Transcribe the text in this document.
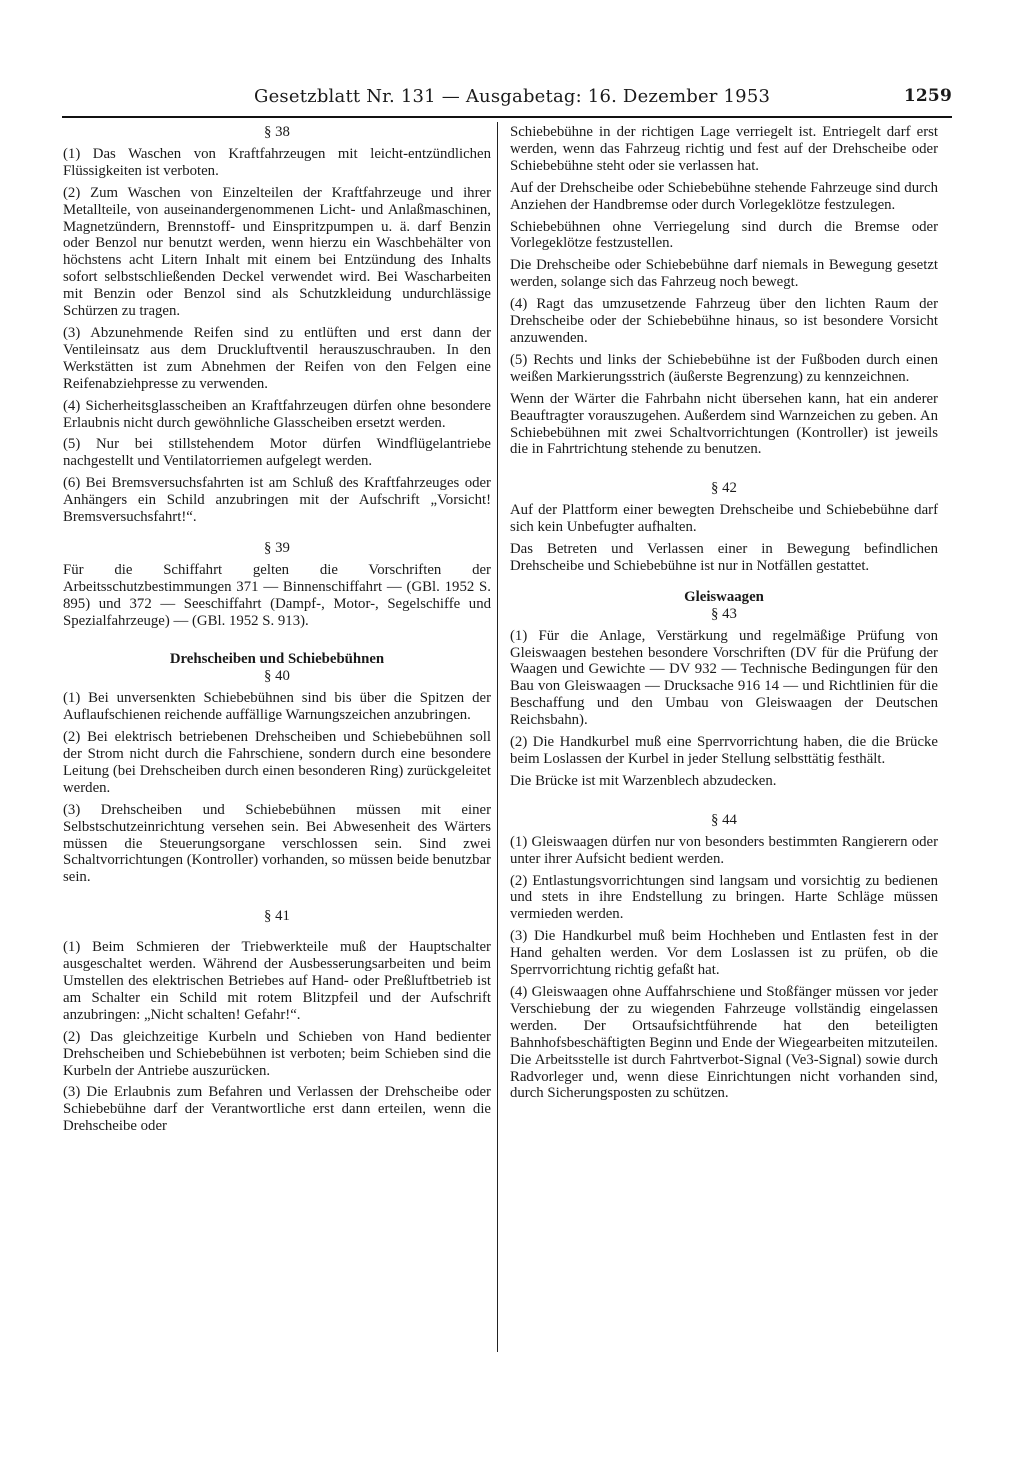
Gesetzblatt Nr. 131 — Ausgabetag: 16. Dezember 1953	1259

§ 38

(1) Das Waschen von Kraftfahrzeugen mit leicht-entzündlichen Flüssigkeiten ist verboten.

(2) Zum Waschen von Einzelteilen der Kraftfahrzeuge und ihrer Metallteile, von auseinandergenommenen Licht- und Anlaßmaschinen, Magnetzündern, Brennstoff- und Einspritzpumpen u. ä. darf Benzin oder Benzol nur benutzt werden, wenn hierzu ein Waschbehälter von höchstens acht Litern Inhalt mit einem bei Entzündung des Inhalts sofort selbstschließenden Deckel verwendet wird. Bei Wascharbeiten mit Benzin oder Benzol sind als Schutzkleidung undurchlässige Schürzen zu tragen.

(3) Abzunehmende Reifen sind zu entlüften und erst dann der Ventileinsatz aus dem Druckluftventil herauszuschrauben. In den Werkstätten ist zum Abnehmen der Reifen von den Felgen eine Reifenabziehpresse zu verwenden.

(4) Sicherheitsglasscheiben an Kraftfahrzeugen dürfen ohne besondere Erlaubnis nicht durch gewöhnliche Glasscheiben ersetzt werden.

(5) Nur bei stillstehendem Motor dürfen Windflügelantriebe nachgestellt und Ventilatorriemen aufgelegt werden.

(6) Bei Bremsversuchsfahrten ist am Schluß des Kraftfahrzeuges oder Anhängers ein Schild anzubringen mit der Aufschrift „Vorsicht! Bremsversuchsfahrt!“.

§ 39

Für die Schiffahrt gelten die Vorschriften der Arbeitsschutzbestimmungen 371 — Binnenschiffahrt — (GBl. 1952 S. 895) und 372 — Seeschiffahrt (Dampf-, Motor-, Segelschiffe und Spezialfahrzeuge) — (GBl. 1952 S. 913).

Drehscheiben und Schiebebühnen

§ 40

(1) Bei unversenkten Schiebebühnen sind bis über die Spitzen der Auflaufschienen reichende auffällige Warnungszeichen anzubringen.

(2) Bei elektrisch betriebenen Drehscheiben und Schiebebühnen soll der Strom nicht durch die Fahrschiene, sondern durch eine besondere Leitung (bei Drehscheiben durch einen besonderen Ring) zurückgeleitet werden.

(3) Drehscheiben und Schiebebühnen müssen mit einer Selbstschutzeinrichtung versehen sein. Bei Abwesenheit des Wärters müssen die Steuerungsorgane verschlossen sein. Sind zwei Schaltvorrichtungen (Kontroller) vorhanden, so müssen beide benutzbar sein.

§ 41

(1) Beim Schmieren der Triebwerkteile muß der Hauptschalter ausgeschaltet werden. Während der Ausbesserungsarbeiten und beim Umstellen des elektrischen Betriebes auf Hand- oder Preßluftbetrieb ist am Schalter ein Schild mit rotem Blitzpfeil und der Aufschrift anzubringen: „Nicht schalten! Gefahr!“.

(2) Das gleichzeitige Kurbeln und Schieben von Hand bedienter Drehscheiben und Schiebebühnen ist verboten; beim Schieben sind die Kurbeln der Antriebe auszurücken.

(3) Die Erlaubnis zum Befahren und Verlassen der Drehscheibe oder Schiebebühne darf der Verantwortliche erst dann erteilen, wenn die Drehscheibe oder

Schiebebühne in der richtigen Lage verriegelt ist. Entriegelt darf erst werden, wenn das Fahrzeug richtig und fest auf der Drehscheibe oder Schiebebühne steht oder sie verlassen hat.

Auf der Drehscheibe oder Schiebebühne stehende Fahrzeuge sind durch Anziehen der Handbremse oder durch Vorlegeklötze festzulegen.

Schiebebühnen ohne Verriegelung sind durch die Bremse oder Vorlegeklötze festzustellen.

Die Drehscheibe oder Schiebebühne darf niemals in Bewegung gesetzt werden, solange sich das Fahrzeug noch bewegt.

(4) Ragt das umzusetzende Fahrzeug über den lichten Raum der Drehscheibe oder der Schiebebühne hinaus, so ist besondere Vorsicht anzuwenden.

(5) Rechts und links der Schiebebühne ist der Fußboden durch einen weißen Markierungsstrich (äußerste Begrenzung) zu kennzeichnen.

Wenn der Wärter die Fahrbahn nicht übersehen kann, hat ein anderer Beauftragter vorauszugehen. Außerdem sind Warnzeichen zu geben. An Schiebebühnen mit zwei Schaltvorrichtungen (Kontroller) ist jeweils die in Fahrtrichtung stehende zu benutzen.

§ 42

Auf der Plattform einer bewegten Drehscheibe und Schiebebühne darf sich kein Unbefugter aufhalten.

Das Betreten und Verlassen einer in Bewegung befindlichen Drehscheibe und Schiebebühne ist nur in Notfällen gestattet.

Gleiswaagen

§ 43

(1) Für die Anlage, Verstärkung und regelmäßige Prüfung von Gleiswaagen bestehen besondere Vorschriften (DV für die Prüfung der Waagen und Gewichte — DV 932 — Technische Bedingungen für den Bau von Gleiswaagen — Drucksache 916 14 — und Richtlinien für die Beschaffung und den Umbau von Gleiswaagen der Deutschen Reichsbahn).

(2) Die Handkurbel muß eine Sperrvorrichtung haben, die die Brücke beim Loslassen der Kurbel in jeder Stellung selbsttätig festhält.

Die Brücke ist mit Warzenblech abzudecken.

§ 44

(1) Gleiswaagen dürfen nur von besonders bestimmten Rangierern oder unter ihrer Aufsicht bedient werden.

(2) Entlastungsvorrichtungen sind langsam und vorsichtig zu bedienen und stets in ihre Endstellung zu bringen. Harte Schläge müssen vermieden werden.

(3) Die Handkurbel muß beim Hochheben und Entlasten fest in der Hand gehalten werden. Vor dem Loslassen ist zu prüfen, ob die Sperrvorrichtung richtig gefaßt hat.

(4) Gleiswaagen ohne Auffahrschiene und Stoßfänger müssen vor jeder Verschiebung der zu wiegenden Fahrzeuge vollständig eingelassen werden. Der Ortsaufsichtführende hat den beteiligten Bahnhofsbeschäftigten Beginn und Ende der Wiegearbeiten mitzuteilen. Die Arbeitsstelle ist durch Fahrtverbot-Signal (Ve3-Signal) sowie durch Radvorleger und, wenn diese Einrichtungen nicht vorhanden sind, durch Sicherungsposten zu schützen.
